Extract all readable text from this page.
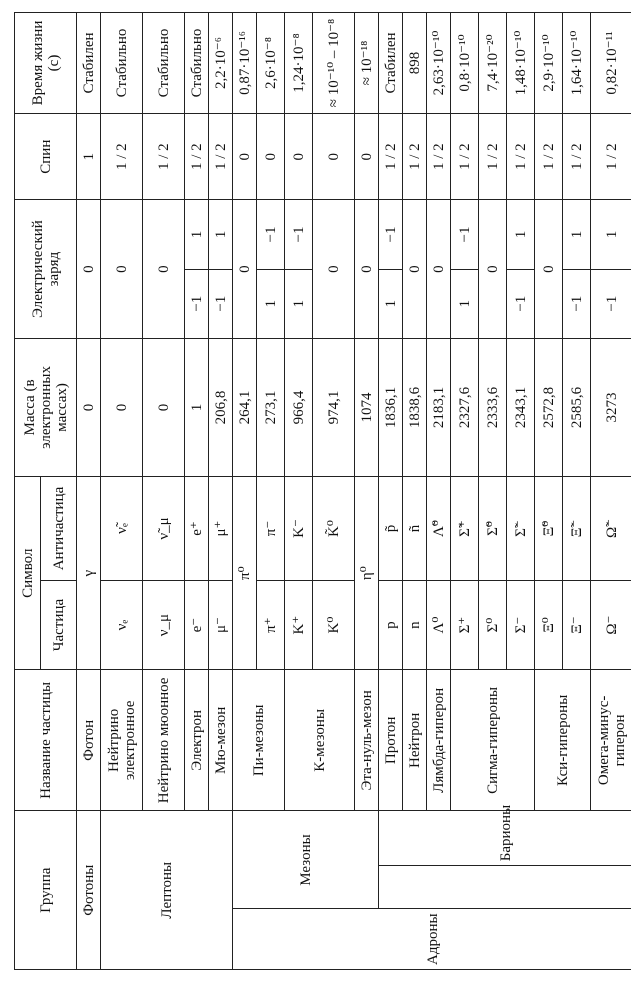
Группа			Название частицы	Символ		Масса (в электронных массах)	Электрический заряд		Спин	Время жизни (с)
				Частица	Античастица					
Фотоны			Фотон	γ		0	0		1	Стабилен
Лептоны			Нейтрино электронное	νₑ	ν̃ₑ	0	0		1 / 2	Стабильно
			Нейтрино мюонное	ν_μ	ν̃_μ	0	0		1 / 2	Стабильно
			Электрон	e⁻	e⁺	1	−1	1	1 / 2	Стабильно
			Мю-мезон	μ⁻	μ⁺	206,8	−1	1	1 / 2	2,2·10⁻⁶
Адроны	Мезоны		Пи-мезоны	π⁰		264,1	0		0	0,87·10⁻¹⁶
				π⁺	π⁻	273,1	1	−1	0	2,6·10⁻⁸
			К-мезоны	K⁺	K⁻	966,4	1	−1	0	1,24·10⁻⁸
				K⁰	K̃⁰	974,1	0		0	≈ 10⁻¹⁰ – 10⁻⁸
			Эта-нуль-мезон	η⁰		1074	0		0	≈ 10⁻¹⁸
		Барионы	Протон	p	p̃	1836,1	1	−1	1 / 2	Стабилен
			Нейтрон	n	ñ	1838,6	0		1 / 2	898
			Лямбда-гиперон	Λ⁰	Λ̃⁰	2183,1	0		1 / 2	2,63·10⁻¹⁰
			Сигма-гипероны	Σ⁺	Σ̃⁺	2327,6	1	−1	1 / 2	0,8·10⁻¹⁰
				Σ⁰	Σ̃⁰	2333,6	0		1 / 2	7,4·10⁻²⁰
				Σ⁻	Σ̃⁻	2343,1	−1	1	1 / 2	1,48·10⁻¹⁰
			Кси-гипероны	Ξ⁰	Ξ̃⁰	2572,8	0		1 / 2	2,9·10⁻¹⁰
				Ξ⁻	Ξ̃⁻	2585,6	−1	1	1 / 2	1,64·10⁻¹⁰
			Омега-минус-гиперон	Ω⁻	Ω̃⁻	3273	−1	1	1 / 2	0,82·10⁻¹¹
